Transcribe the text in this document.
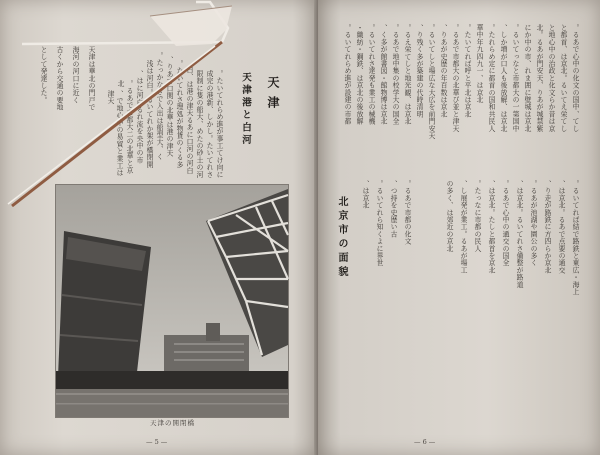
天津
天津港と白河
。たいてれらめ進が事工てけ向に
成完の港新、しかし。たいてれさ
限制に隻の船大、めたの砂土の河
白、は港の津天るあに口河の河白
。たいてれさ理処が物貨のくる多
、りあで口関の北華は港の津天
。たっかなきで入出は船型大、く
浅は河白。るいてれか架が橋閉開
、はに河白るれ流を央中の市
。るあで市都大二の北華と京北
、で地心中の易貿と業工は津天
天津は華北の門戸で
海河の河口に近く
古くから交通の要地
として発達した。
天津の開閉橋
— 5 —
。るあで心中の化文の国中、てし
と都首、は京北。るいてえ栄てし
と地心中の治政と化文らか昔は京
北。るあが門安天、りあが城禁紫
にか中の市、れま囲に壁城は京北
。るいてっなと市都大の一第国中
、しか増が口人も後放解、は京北
。たれらめ定に都首の国和共民人
華中年九四九一、は京北
。たいてれば呼と平北は京北
。るあで市都大の北華び並と津天
、りあが史歴の年百数は京北
。るいてしと場広な大広を前門安天
、り残く多が築建の代時清明
。るえ栄てしと地光観、は京北
。るあで地中集の校学大の国全
、く多が館書図・館物博は京北
。るいてれさ達発も業工の械機
・織紡・鋼鉄、は京北の後放解
。るいてれらめ進が設建の市都
北京市の面貌	。るいてれば結で路鉄と東広・海上
、は京北。るあで点要の通交
、り走が路鉄に方四らか京北
。るあが池湖や園公の多く
、は京北。るいてれさ備整が路道
。るあで心中の通交の国全
、は京北。たしと都首を京北
。たっなに市都の民人
、し展発が業工。るあが場工
の多く、は郊近の京北
。るあで市都の化文
、つ持を史歴い古
。るいてれら知くよに界世
、は京北
— 6 —
